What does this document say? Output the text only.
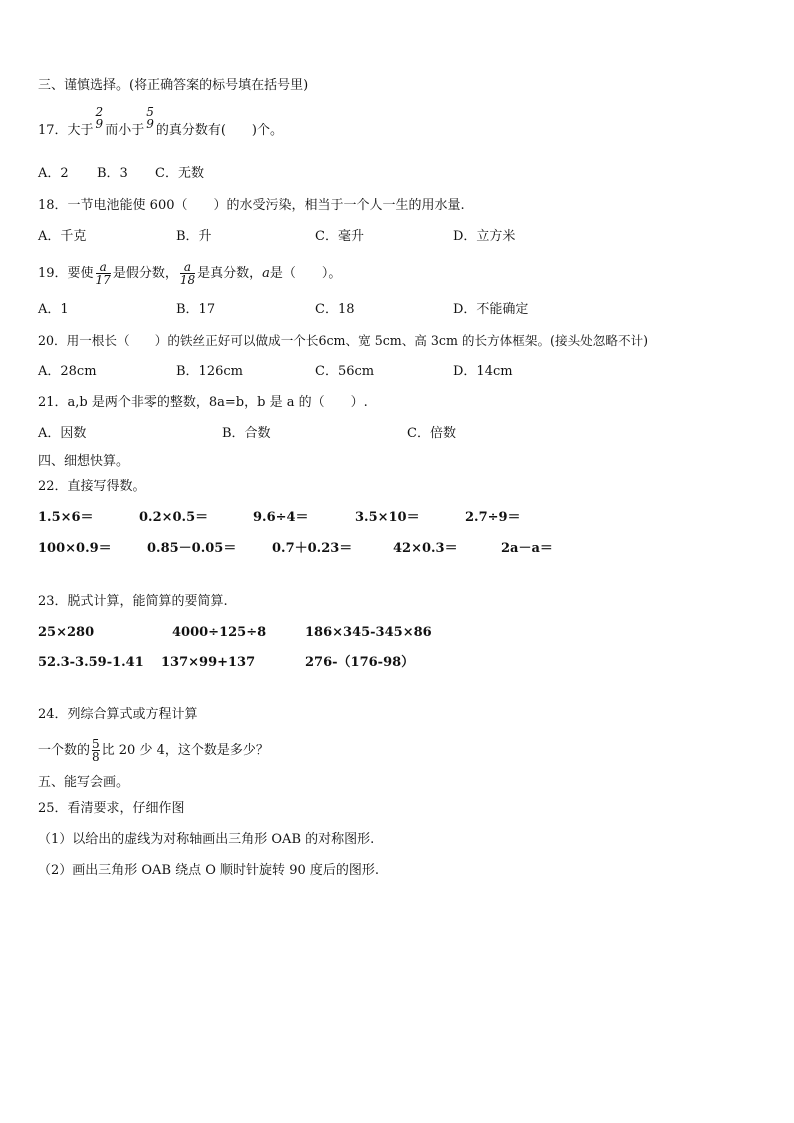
三、谨慎选择。(将正确答案的标号填在括号里)
17．大于
2
9 而小于
5
9 的真分数有(　　)个。
A．2 B．3 C．无数
18．一节电池能使 600（　　）的水受污染，相当于一个人一生的用水量.
A．千克	B．升	C．毫升	D．立方米
19．要使 $\frac{a}{17}$ 是假分数， $\frac{a}{18}$ 是真分数，a是（　　）。
A．1	B．17	C．18	D．不能确定
20．用一根长（　　）的铁丝正好可以做成一个长6cm、宽 5cm、高 3cm 的长方体框架。(接头处忽略不计)
A．28cm	B．126cm	C．56cm	D．14cm
21．a,b 是两个非零的整数，8a=b，b 是 a 的（　　）.
A．因数	B．合数	C．倍数
四、细想快算。
22．直接写得数。
1.5×6＝	0.2×0.5＝	9.6÷4＝	3.5×10＝	2.7÷9＝
100×0.9＝	0.85－0.05＝	0.7＋0.23＝	42×0.3＝	2a－a＝
23．脱式计算，能简算的要简算.
25×280	4000÷125÷8	186×345-345×86
52.3-3.59-1.41 137×99+137	276-（176-98）
24．列综合算式或方程计算
一个数的 $\frac{5}{8}$ 比 20 少 4，这个数是多少？
五、能写会画。
25．看清要求，仔细作图
（1）以给出的虚线为对称轴画出三角形 OAB 的对称图形.
（2）画出三角形 OAB 绕点 O 顺时针旋转 90 度后的图形.
